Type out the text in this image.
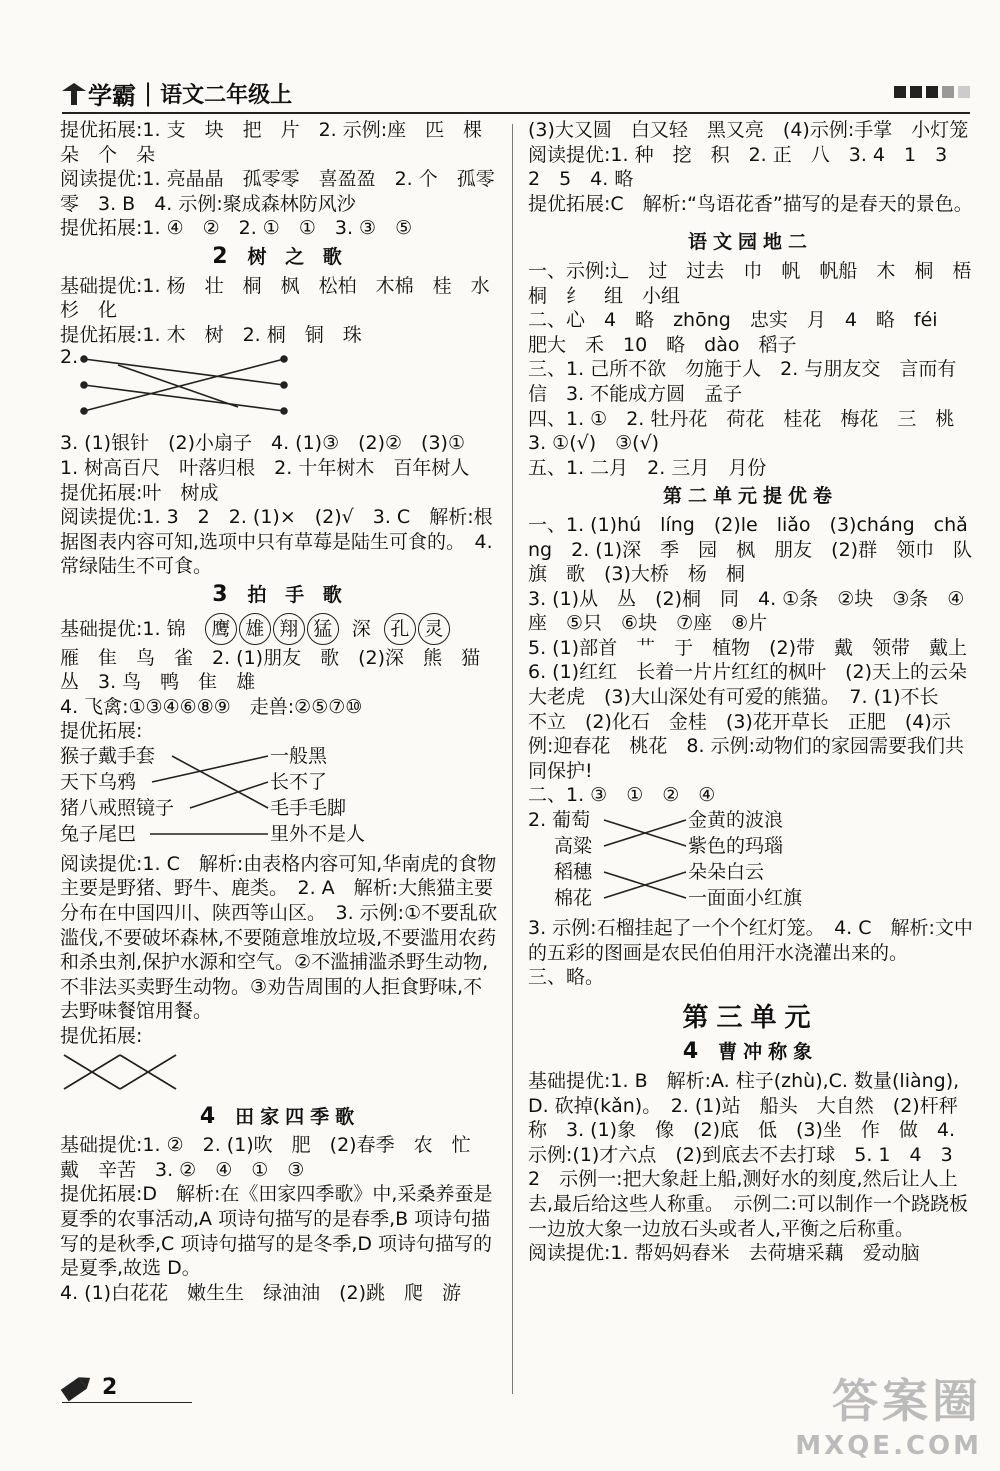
学霸 | 语文二年级上

提优拓展:1. 支　块　把　片　2. 示例:座　匹　棵　朵　个　朵

阅读提优:1. 亮晶晶　孤零零　喜盈盈　2. 个　孤零零　3. B　4. 示例:聚成森林防风沙

提优拓展:1. ④　②　2. ①　①　3. ③　⑤

2 树 之 歌

基础提优:1. 杨　壮　桐　枫　松柏　木棉　桂　水杉　化

提优拓展:1. 木　树　2. 桐　铜　珠

2.

3. (1)银针　(2)小扇子　4. (1)③　(2)②　(3)①　1. 树高百尺　叶落归根　2. 十年树木　百年树人

提优拓展:叶　树成

阅读提优:1. 3　2　2. (1)×　(2)√　3. C　解析:根据图表内容可知,选项中只有草莓是陆生可食的。　4. 常绿陆生不可食。

3 拍 手 歌

基础提优:1. 锦 鹰 雄 翔 猛 深 孔 灵

雁　隹　鸟　雀　2. (1)朋友　歌　(2)深　熊　猫　丛　3. 鸟　鸭　隹　雄

4. 飞禽:①③④⑥⑧⑨　走兽:②⑤⑦⑩

提优拓展:

猴子戴手套
天下乌鸦
猪八戒照镜子
兔子尾巴
一般黑
长不了
毛手毛脚
里外不是人

阅读提优:1. C　解析:由表格内容可知,华南虎的食物主要是野猪、野牛、鹿类。　2. A　解析:大熊猫主要分布在中国四川、陕西等山区。　3. 示例:①不要乱砍滥伐,不要破坏森林,不要随意堆放垃圾,不要滥用农药和杀虫剂,保护水源和空气。②不滥捕滥杀野生动物,不非法买卖野生动物。③劝告周围的人拒食野味,不去野味餐馆用餐。

提优拓展:

4 田家四季歌

基础提优:1. ②　2. (1)吹　肥　(2)春季　农　忙　戴　辛苦　3. ②　④　①　③

提优拓展:D　解析:在《田家四季歌》中,采桑养蚕是夏季的农事活动,A 项诗句描写的是春季,B 项诗句描写的是秋季,C 项诗句描写的是冬季,D 项诗句描写的是夏季,故选 D。

4. (1)白花花　嫩生生　绿油油　(2)跳　爬　游

(3)大又圆　白又轻　黑又亮　(4)示例:手掌　小灯笼

阅读提优:1. 种　挖　积　2. 正　八　3. 4　1　3　2　5　4. 略

提优拓展:C　解析:“鸟语花香”描写的是春天的景色。

语文园地二

一、示例:辶　过　过去　巾　帆　帆船　木　桐　梧桐　纟　组　小组

二、心　4　略　zhōng　忠实　月　4　略　féi　肥大　禾　10　略　dào　稻子

三、1. 己所不欲　勿施于人　2. 与朋友交　言而有信　3. 不能成方圆　孟子

四、1. ①　2. 牡丹花　荷花　桂花　梅花　三　桃　3. ①(√)　③(√)

五、1. 二月　2. 三月　月份

第二单元提优卷

一、1. (1)hú　líng　(2)le　liǎo　(3)cháng　chǎng　2. (1)深　季　园　枫　朋友　(2)群　领巾　队旗　歌　(3)大桥　杨　桐

3. (1)从　丛　(2)桐　同　4. ①条　②块　③条　④座　⑤只　⑥块　⑦座　⑧片

5. (1)部首　艹　于　植物　(2)带　戴　领带　戴上　6. (1)红红　长着一片片红红的枫叶　(2)天上的云朵　大老虎　(3)大山深处有可爱的熊猫。　7. (1)不长　不立　(2)化石　金桂　(3)花开草长　正肥　(4)示例:迎春花　桃花　8. 示例:动物们的家园需要我们共同保护!

二、1. ③　①　②　④

2. 葡萄
高粱
稻穗
棉花
金黄的波浪
紫色的玛瑙
朵朵白云
一面面小红旗

3. 示例:石榴挂起了一个个红灯笼。　4. C　解析:文中的五彩的图画是农民伯伯用汗水浇灌出来的。

三、略。

第三单元
4 曹冲称象

基础提优:1. B　解析:A. 柱子(zhù),C. 数量(liàng),D. 砍掉(kǎn)。　2. (1)站　船头　大自然　(2)杆秤　称　3. (1)象　像　(2)底　低　(3)坐　作　做　4. 示例:(1)才六点　(2)到底去不去打球　5. 1　4　3　2　示例一:把大象赶上船,测好水的刻度,然后让人上去,最后给这些人称重。　示例二:可以制作一个跷跷板一边放大象一边放石头或者人,平衡之后称重。

阅读提优:1. 帮妈妈舂米　去荷塘采藕　爱动脑

2	答案圈
MXQE.COM
